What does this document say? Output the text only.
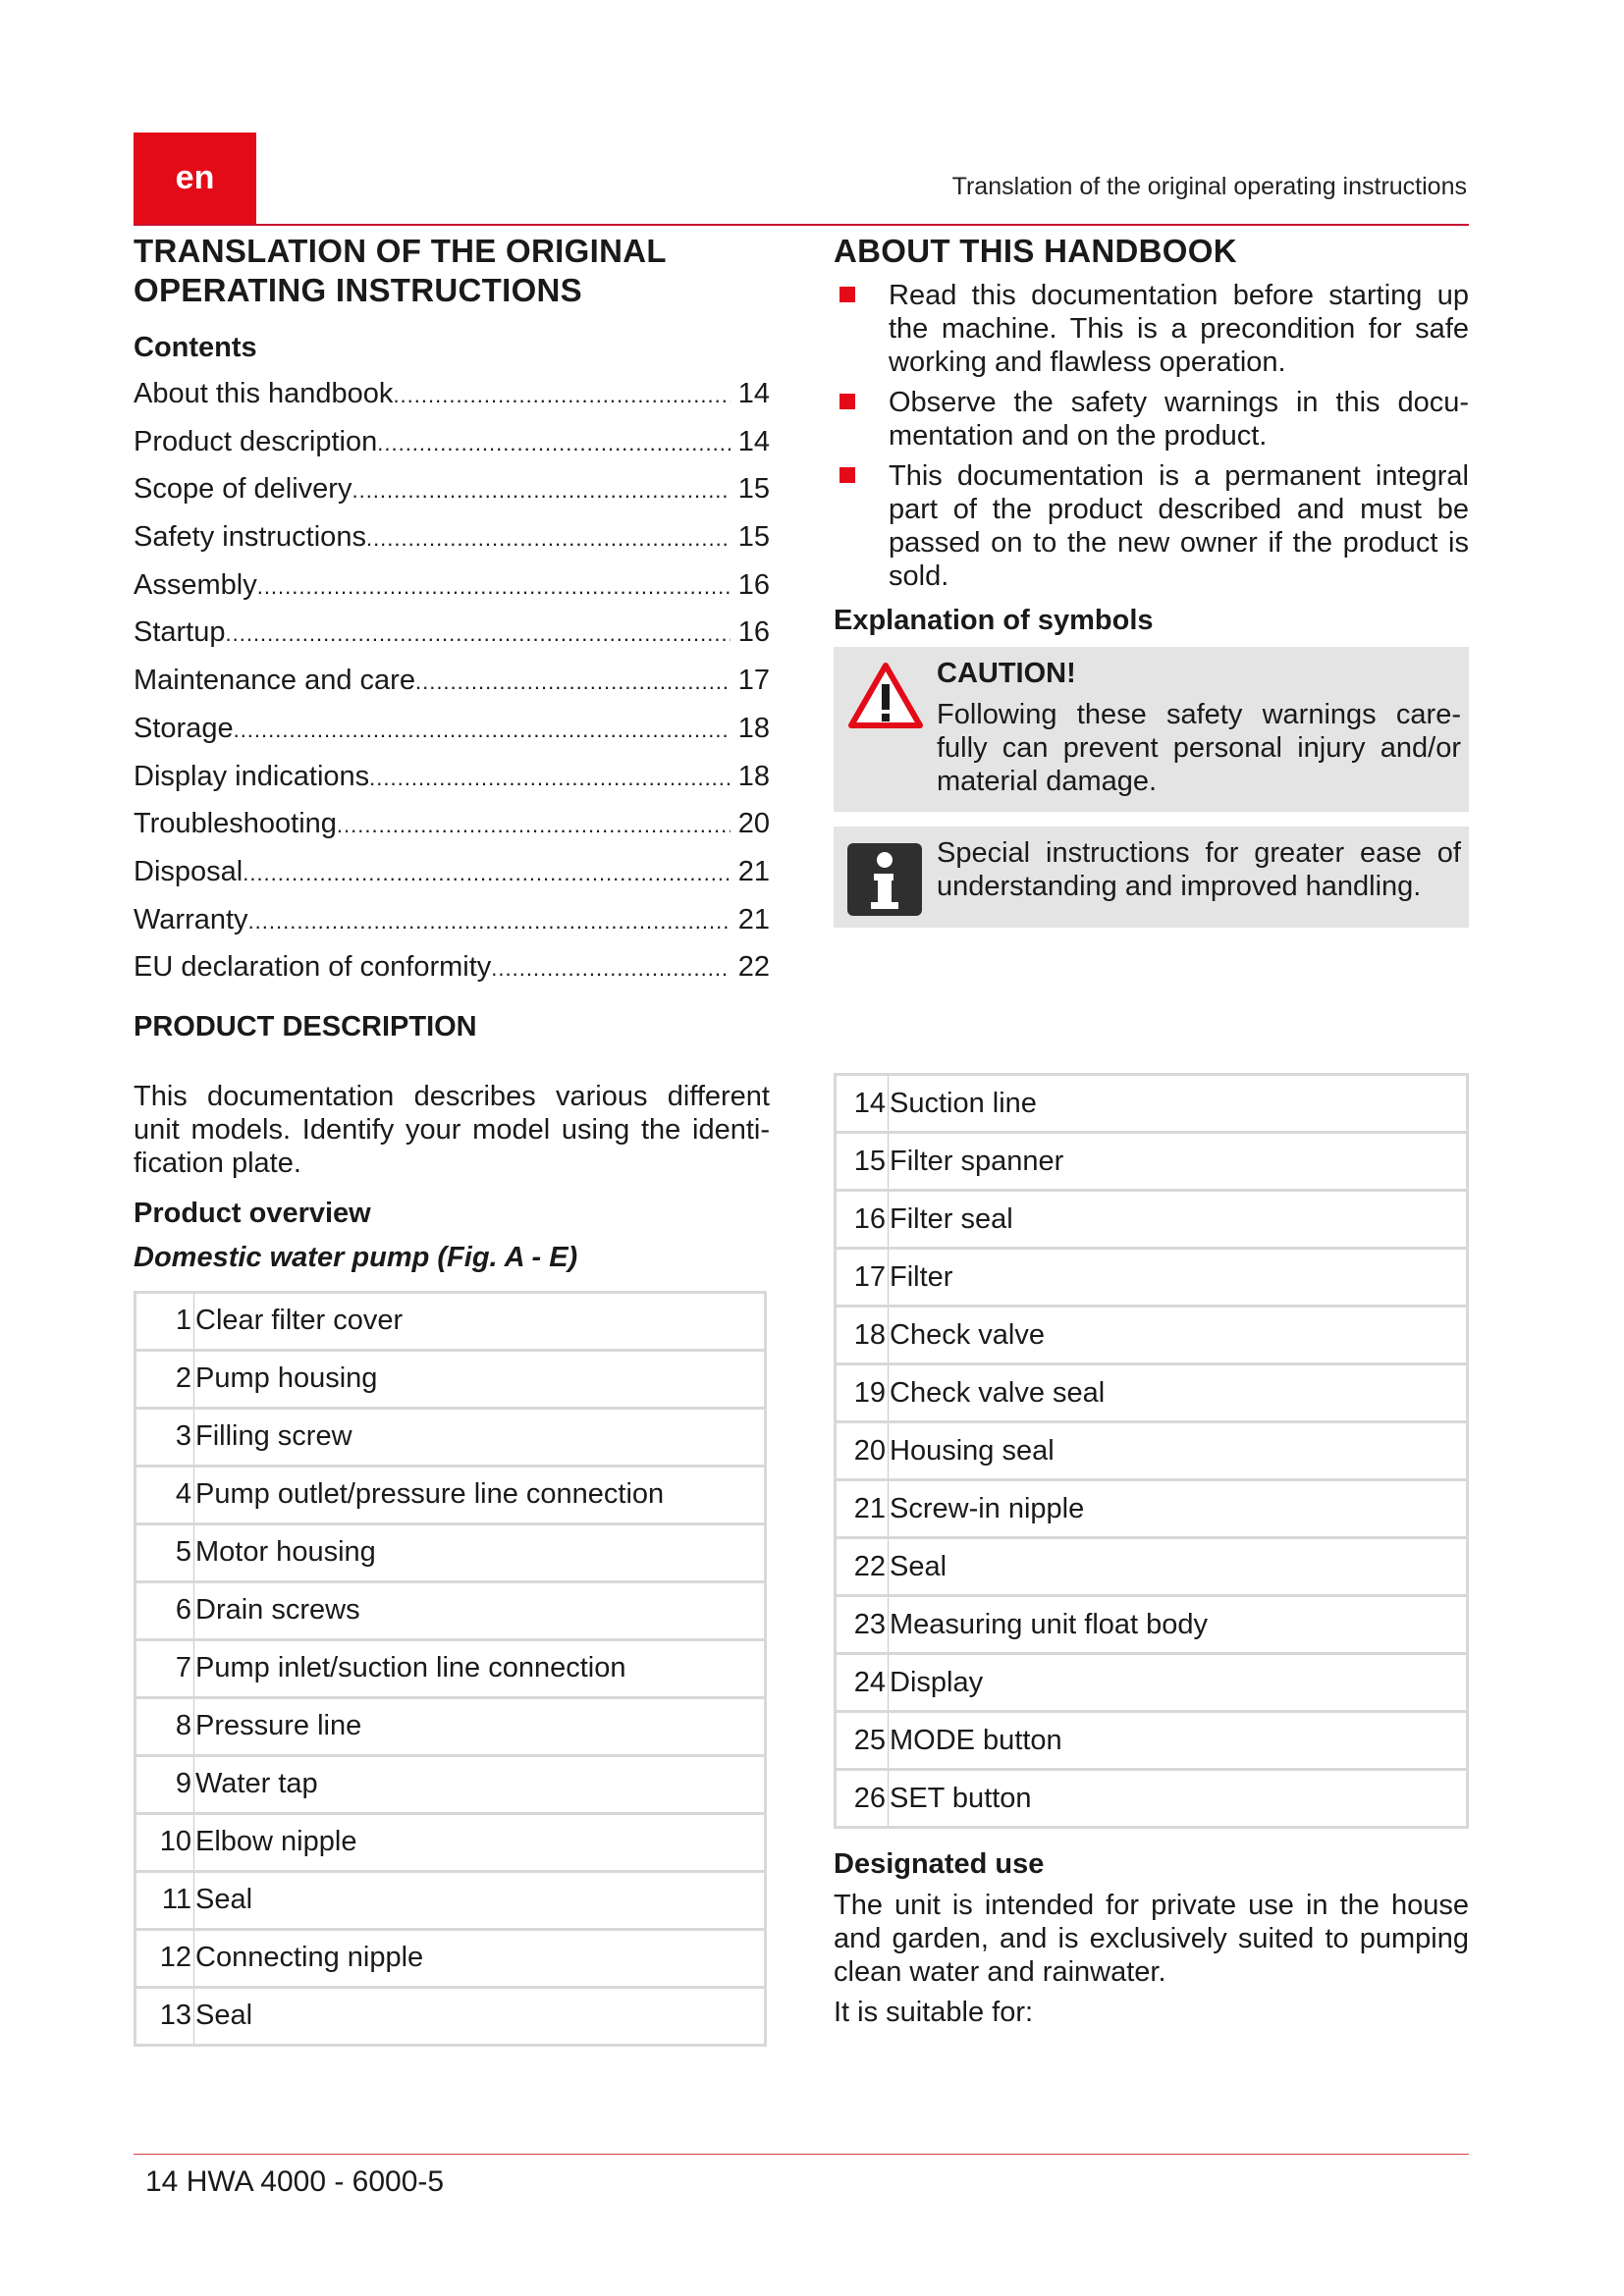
en	Translation of the original operating instructions
TRANSLATION OF THE ORIGINAL
OPERATING INSTRUCTIONS
Contents
About this handbook .....	14
Product description .....	14
Scope of delivery .....	15
Safety instructions .....	15
Assembly .....	16
Startup .....	16
Maintenance and care .....	17
Storage .....	18
Display indications .....	18
Troubleshooting .....	20
Disposal .....	21
Warranty .....	21
EU declaration of conformity .....	22
PRODUCT DESCRIPTION

This documentation describes various different unit models. Identify your model using the identi-fication plate.

Product overview
Domestic water pump (Fig. A - E)
1	Clear filter cover
2	Pump housing
3	Filling screw
4	Pump outlet/pressure line connection
5	Motor housing
6	Drain screws
7	Pump inlet/suction line connection
8	Pressure line
9	Water tap
10	Elbow nipple
11	Seal
12	Connecting nipple
13	Seal
ABOUT THIS HANDBOOK
Read this documentation before starting up the machine. This is a precondition for safe working and flawless operation.
Observe the safety warnings in this docu-mentation and on the product.
This documentation is a permanent integral part of the product described and must be passed on to the new owner if the product is sold.
Explanation of symbols
CAUTION!
Following these safety warnings care-fully can prevent personal injury and/or material damage.
Special instructions for greater ease of understanding and improved handling.
14	Suction line
15	Filter spanner
16	Filter seal
17	Filter
18	Check valve
19	Check valve seal
20	Housing seal
21	Screw-in nipple
22	Seal
23	Measuring unit float body
24	Display
25	MODE button
26	SET button
Designated use

The unit is intended for private use in the house and garden, and is exclusively suited to pumping clean water and rainwater.

It is suitable for:

14 HWA 4000 - 6000-5
